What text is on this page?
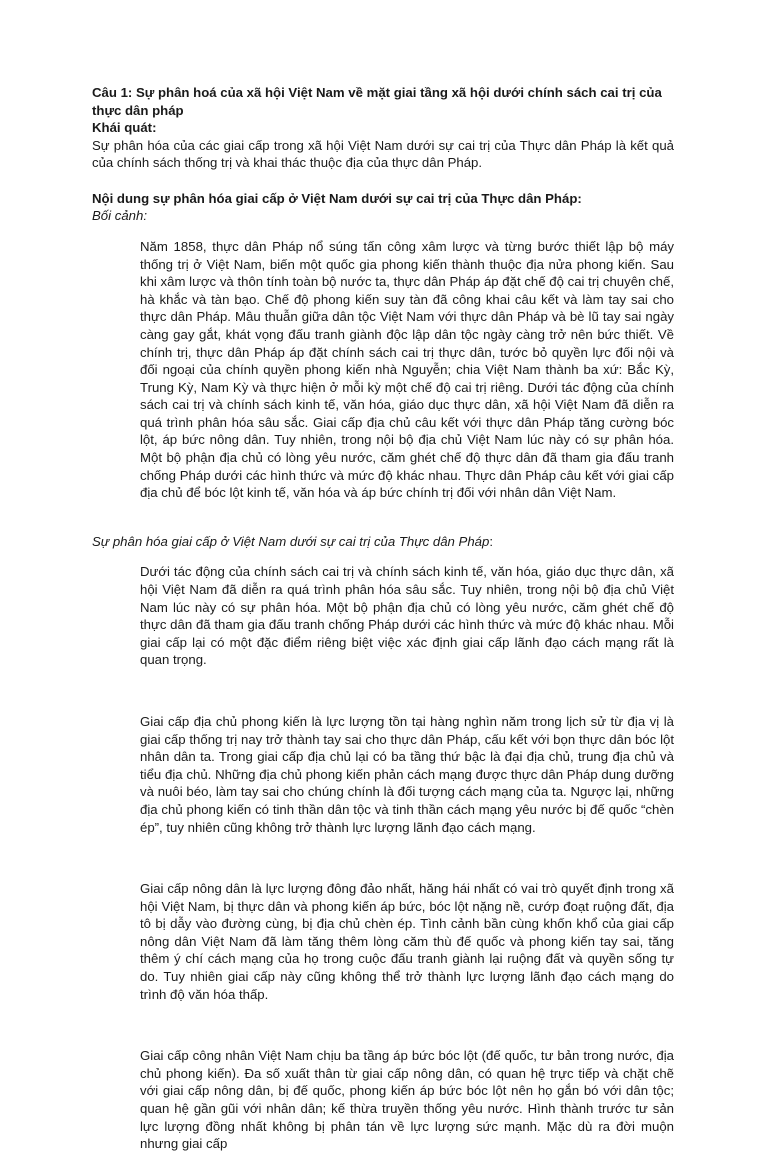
Câu 1: Sự phân hoá của xã hội Việt Nam về mặt giai tầng xã hội dưới chính sách cai trị của thực dân pháp

Khái quát:

Sự phân hóa của các giai cấp trong xã hội Việt Nam dưới sự cai trị của Thực dân Pháp là kết quả của chính sách thống trị và khai thác thuộc địa của thực dân Pháp.

Nội dung sự phân hóa giai cấp ở Việt Nam dưới sự cai trị của Thực dân Pháp:

Bối cảnh:

Năm 1858, thực dân Pháp nổ súng tấn công xâm lược và từng bước thiết lập bộ máy thống trị ở Việt Nam, biến một quốc gia phong kiến thành thuộc địa nửa phong kiến. Sau khi xâm lược và thôn tính toàn bộ nước ta, thực dân Pháp áp đặt chế độ cai trị chuyên chế, hà khắc và tàn bạo. Chế độ phong kiến suy tàn đã công khai câu kết và làm tay sai cho thực dân Pháp. Mâu thuẫn giữa dân tộc Việt Nam với thực dân Pháp và bè lũ tay sai ngày càng gay gắt, khát vọng đấu tranh giành độc lập dân tộc ngày càng trở nên bức thiết. Về chính trị, thực dân Pháp áp đặt chính sách cai trị thực dân, tước bỏ quyền lực đối nội và đối ngoại của chính quyền phong kiến nhà Nguyễn; chia Việt Nam thành ba xứ: Bắc Kỳ, Trung Kỳ, Nam Kỳ và thực hiện ở mỗi kỳ một chế độ cai trị riêng. Dưới tác động của chính sách cai trị và chính sách kinh tế, văn hóa, giáo dục thực dân, xã hội Việt Nam đã diễn ra quá trình phân hóa sâu sắc. Giai cấp địa chủ câu kết với thực dân Pháp tăng cường bóc lột, áp bức nông dân. Tuy nhiên, trong nội bộ địa chủ Việt Nam lúc này có sự phân hóa. Một bộ phận địa chủ có lòng yêu nước, căm ghét chế độ thực dân đã tham gia đấu tranh chống Pháp dưới các hình thức và mức độ khác nhau. Thực dân Pháp câu kết với giai cấp địa chủ để bóc lột kinh tế, văn hóa và áp bức chính trị đối với nhân dân Việt Nam.

Sự phân hóa giai cấp ở Việt Nam dưới sự cai trị của Thực dân Pháp:

Dưới tác động của chính sách cai trị và chính sách kinh tế, văn hóa, giáo dục thực dân, xã hội Việt Nam đã diễn ra quá trình phân hóa sâu sắc. Tuy nhiên, trong nội bộ địa chủ Việt Nam lúc này có sự phân hóa. Một bộ phận địa chủ có lòng yêu nước, căm ghét chế độ thực dân đã tham gia đấu tranh chống Pháp dưới các hình thức và mức độ khác nhau. Mỗi giai cấp lại có một đặc điểm riêng biệt việc xác định giai cấp lãnh đạo cách mạng rất là quan trọng.

Giai cấp địa chủ phong kiến là lực lượng tồn tại hàng nghìn năm trong lịch sử từ địa vị là giai cấp thống trị nay trở thành tay sai cho thực dân Pháp, cấu kết với bọn thực dân bóc lột nhân dân ta. Trong giai cấp địa chủ lại có ba tầng thứ bậc là đại địa chủ, trung địa chủ và tiểu địa chủ. Những địa chủ phong kiến phản cách mạng được thực dân Pháp dung dưỡng và nuôi béo, làm tay sai cho chúng chính là đối tượng cách mạng của ta. Ngược lại, những địa chủ phong kiến có tinh thần dân tộc và tinh thần cách mạng yêu nước bị đế quốc “chèn ép”, tuy nhiên cũng không trở thành lực lượng lãnh đạo cách mạng.

Giai cấp nông dân là lực lượng đông đảo nhất, hăng hái nhất có vai trò quyết định trong xã hội Việt Nam, bị thực dân và phong kiến áp bức, bóc lột nặng nề, cướp đoạt ruộng đất, địa tô bị dẫy vào đường cùng, bị địa chủ chèn ép. Tình cảnh bần cùng khốn khổ của giai cấp nông dân Việt Nam đã làm tăng thêm lòng căm thù đế quốc và phong kiến tay sai, tăng thêm ý chí cách mạng của họ trong cuộc đấu tranh giành lại ruộng đất và quyền sống tự do. Tuy nhiên giai cấp này cũng không thể trở thành lực lượng lãnh đạo cách mạng do trình độ văn hóa thấp.

Giai cấp công nhân Việt Nam chịu ba tầng áp bức bóc lột (đế quốc, tư bản trong nước, địa chủ phong kiến). Đa số xuất thân từ giai cấp nông dân, có quan hệ trực tiếp và chặt chẽ với giai cấp nông dân, bị đế quốc, phong kiến áp bức bóc lột nên họ gắn bó với dân tộc; quan hệ gần gũi với nhân dân; kế thừa truyền thống yêu nước. Hình thành trước tư sản lực lượng đồng nhất không bị phân tán về lực lượng sức mạnh. Mặc dù ra đời muộn nhưng giai cấp
